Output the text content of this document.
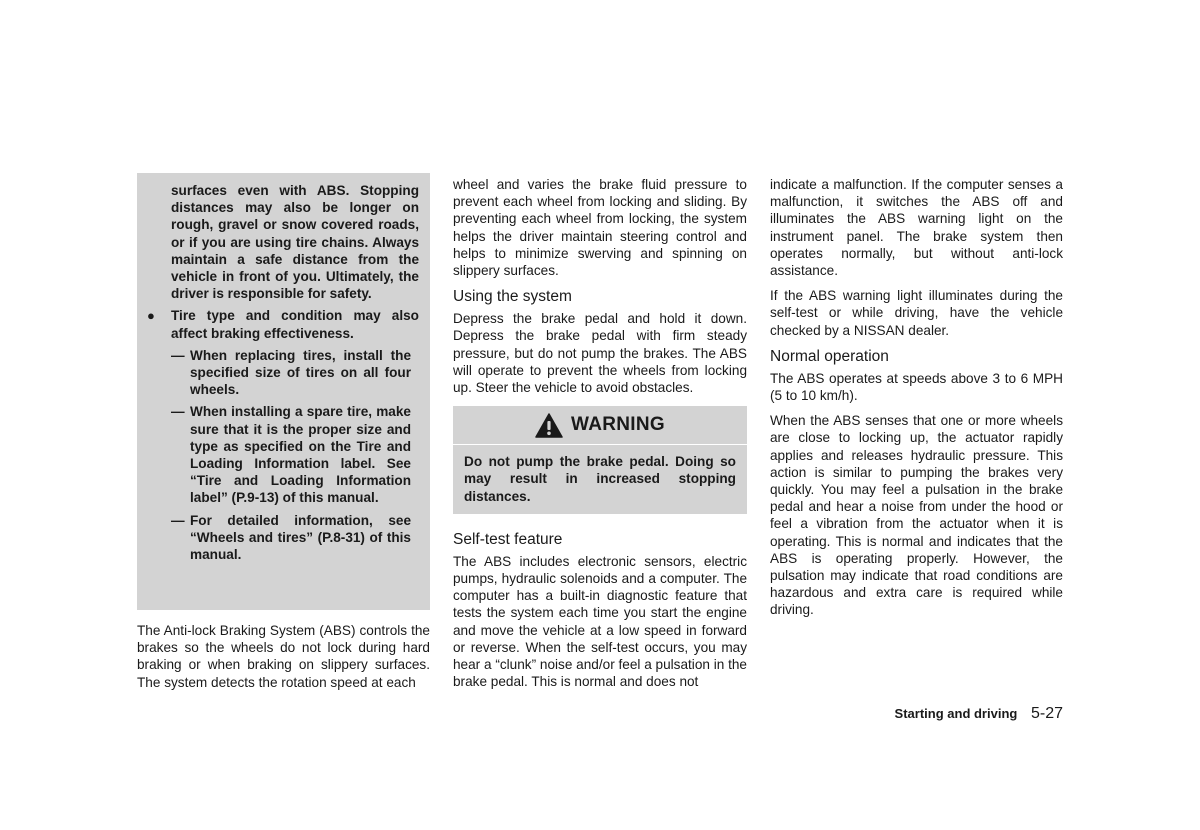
surfaces even with ABS. Stopping distances may also be longer on rough, gravel or snow covered roads, or if you are using tire chains. Always maintain a safe distance from the vehicle in front of you. Ultimately, the driver is responsible for safety.
● Tire type and condition may also affect braking effectiveness.
— When replacing tires, install the specified size of tires on all four wheels.
— When installing a spare tire, make sure that it is the proper size and type as specified on the Tire and Loading Information label. See “Tire and Loading Information label” (P.9-13) of this manual.
— For detailed information, see “Wheels and tires” (P.8-31) of this manual.

The Anti-lock Braking System (ABS) controls the brakes so the wheels do not lock during hard braking or when braking on slippery surfaces. The system detects the rotation speed at each

wheel and varies the brake fluid pressure to prevent each wheel from locking and sliding. By preventing each wheel from locking, the system helps the driver maintain steering control and helps to minimize swerving and spinning on slippery surfaces.

Using the system

Depress the brake pedal and hold it down. Depress the brake pedal with firm steady pressure, but do not pump the brakes. The ABS will operate to prevent the wheels from locking up. Steer the vehicle to avoid obstacles.

WARNING
Do not pump the brake pedal. Doing so may result in increased stopping distances.
Self-test feature

The ABS includes electronic sensors, electric pumps, hydraulic solenoids and a computer. The computer has a built-in diagnostic feature that tests the system each time you start the engine and move the vehicle at a low speed in forward or reverse. When the self-test occurs, you may hear a “clunk” noise and/or feel a pulsation in the brake pedal. This is normal and does not

indicate a malfunction. If the computer senses a malfunction, it switches the ABS off and illuminates the ABS warning light on the instrument panel. The brake system then operates normally, but without anti-lock assistance.

If the ABS warning light illuminates during the self-test or while driving, have the vehicle checked by a NISSAN dealer.

Normal operation

The ABS operates at speeds above 3 to 6 MPH (5 to 10 km/h).

When the ABS senses that one or more wheels are close to locking up, the actuator rapidly applies and releases hydraulic pressure. This action is similar to pumping the brakes very quickly. You may feel a pulsation in the brake pedal and hear a noise from under the hood or feel a vibration from the actuator when it is operating. This is normal and indicates that the ABS is operating properly. However, the pulsation may indicate that road conditions are hazardous and extra care is required while driving.

Starting and driving 5-27
